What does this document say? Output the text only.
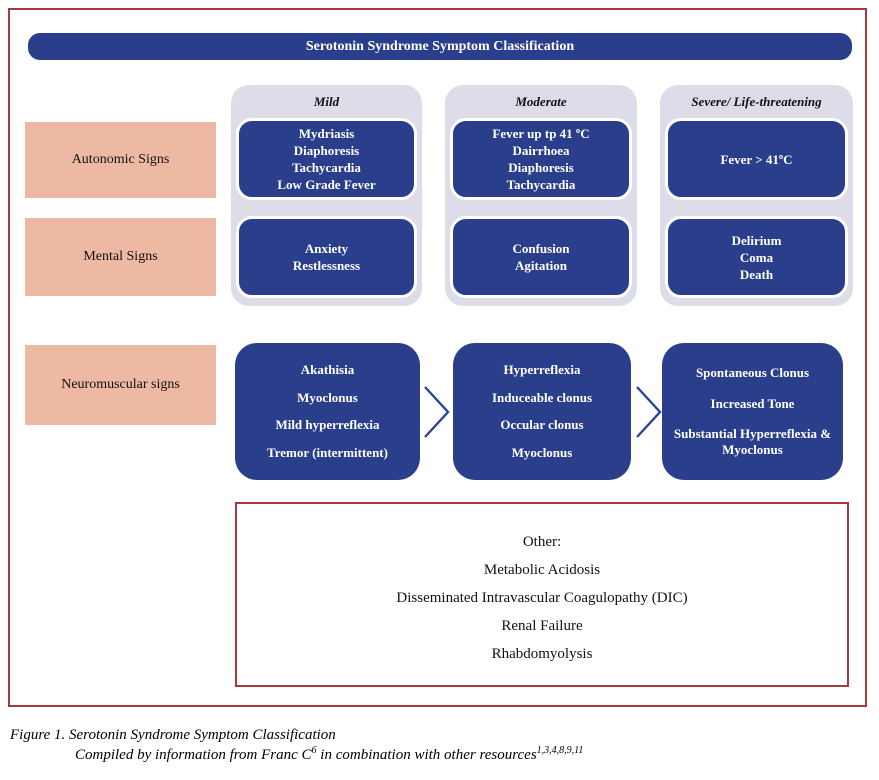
Serotonin Syndrome Symptom Classification
Mild
Mydriasis
Diaphoresis
Tachycardia
Low Grade Fever
Anxiety
Restlessness
Moderate
Fever up tp 41 ºC
Dairrhoea
Diaphoresis
Tachycardia
Confusion
Agitation
Severe/ Life-threatening
Fever > 41ºC
Delirium
Coma
Death
Autonomic Signs
Mental Signs
Neuromuscular signs
Akathisia
Myoclonus
Mild hyperreflexia
Tremor (intermittent)
Hyperreflexia
Induceable clonus
Occular clonus
Myoclonus
Spontaneous Clonus
Increased Tone
Substantial Hyperreflexia & Myoclonus
Other:
Metabolic Acidosis
Disseminated Intravascular Coagulopathy (DIC)
Renal Failure
Rhabdomyolysis
Figure 1. Serotonin Syndrome Symptom Classification
Compiled by information from Franc $C^6$ in combination with other resources$^{1,3,4,8,9,11}$
